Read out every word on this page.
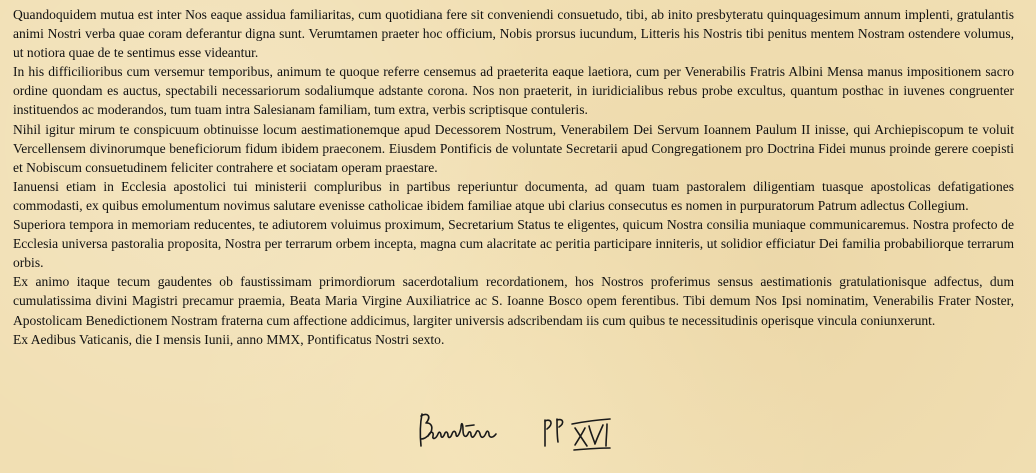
Quandoquidem mutua est inter Nos eaque assidua familiaritas, cum quotidiana fere sit conveniendi consuetudo, tibi, ab inito presbyteratu quinquagesimum annum implenti, gratulantis animi Nostri verba quae coram deferantur digna sunt. Verumtamen praeter hoc officium, Nobis prorsus iucundum, Litteris his Nostris tibi penitus mentem Nostram ostendere volumus, ut notiora quae de te sentimus esse videantur.

In his difficilioribus cum versemur temporibus, animum te quoque referre censemus ad praeterita eaque laetiora, cum per Venerabilis Fratris Albini Mensa manus impositionem sacro ordine quondam es auctus, spectabili necessariorum sodaliumque adstante corona. Nos non praeterit, in iuridicialibus rebus probe excultus, quantum posthac in iuvenes congruenter instituendos ac moderandos, tum tuam intra Salesianam familiam, tum extra, verbis scriptisque contuleris.

Nihil igitur mirum te conspicuum obtinuisse locum aestimationemque apud Decessorem Nostrum, Venerabilem Dei Servum Ioannem Paulum II inisse, qui Archiepiscopum te voluit Vercellensem divinorumque beneficiorum fidum ibidem praeconem. Eiusdem Pontificis de voluntate Secretarii apud Congregationem pro Doctrina Fidei munus proinde gerere coepisti et Nobiscum consuetudinem feliciter contrahere et sociatam operam praestare.

Ianuensi etiam in Ecclesia apostolici tui ministerii compluribus in partibus reperiuntur documenta, ad quam tuam pastoralem diligentiam tuasque apostolicas defatigationes commodasti, ex quibus emolumentum novimus salutare evenisse catholicae ibidem familiae atque ubi clarius consecutus es nomen in purpuratorum Patrum adlectus Collegium.

Superiora tempora in memoriam reducentes, te adiutorem voluimus proximum, Secretarium Status te eligentes, quicum Nostra consilia muniaque communicaremus. Nostra profecto de Ecclesia universa pastoralia proposita, Nostra per terrarum orbem incepta, magna cum alacritate ac peritia participare inniteris, ut solidior efficiatur Dei familia probabiliorque terrarum orbis.

Ex animo itaque tecum gaudentes ob faustissimam primordiorum sacerdotalium recordationem, hos Nostros proferimus sensus aestimationis gratulationisque adfectus, dum cumulatissima divini Magistri precamur praemia, Beata Maria Virgine Auxiliatrice ac S. Ioanne Bosco opem ferentibus. Tibi demum Nos Ipsi nominatim, Venerabilis Frater Noster, Apostolicam Benedictionem Nostram fraterna cum affectione addicimus, largiter universis adscribendam iis cum quibus te necessitudinis operisque vincula coniunxerunt.

Ex Aedibus Vaticanis, die I mensis Iunii, anno MMX, Pontificatus Nostri sexto.
